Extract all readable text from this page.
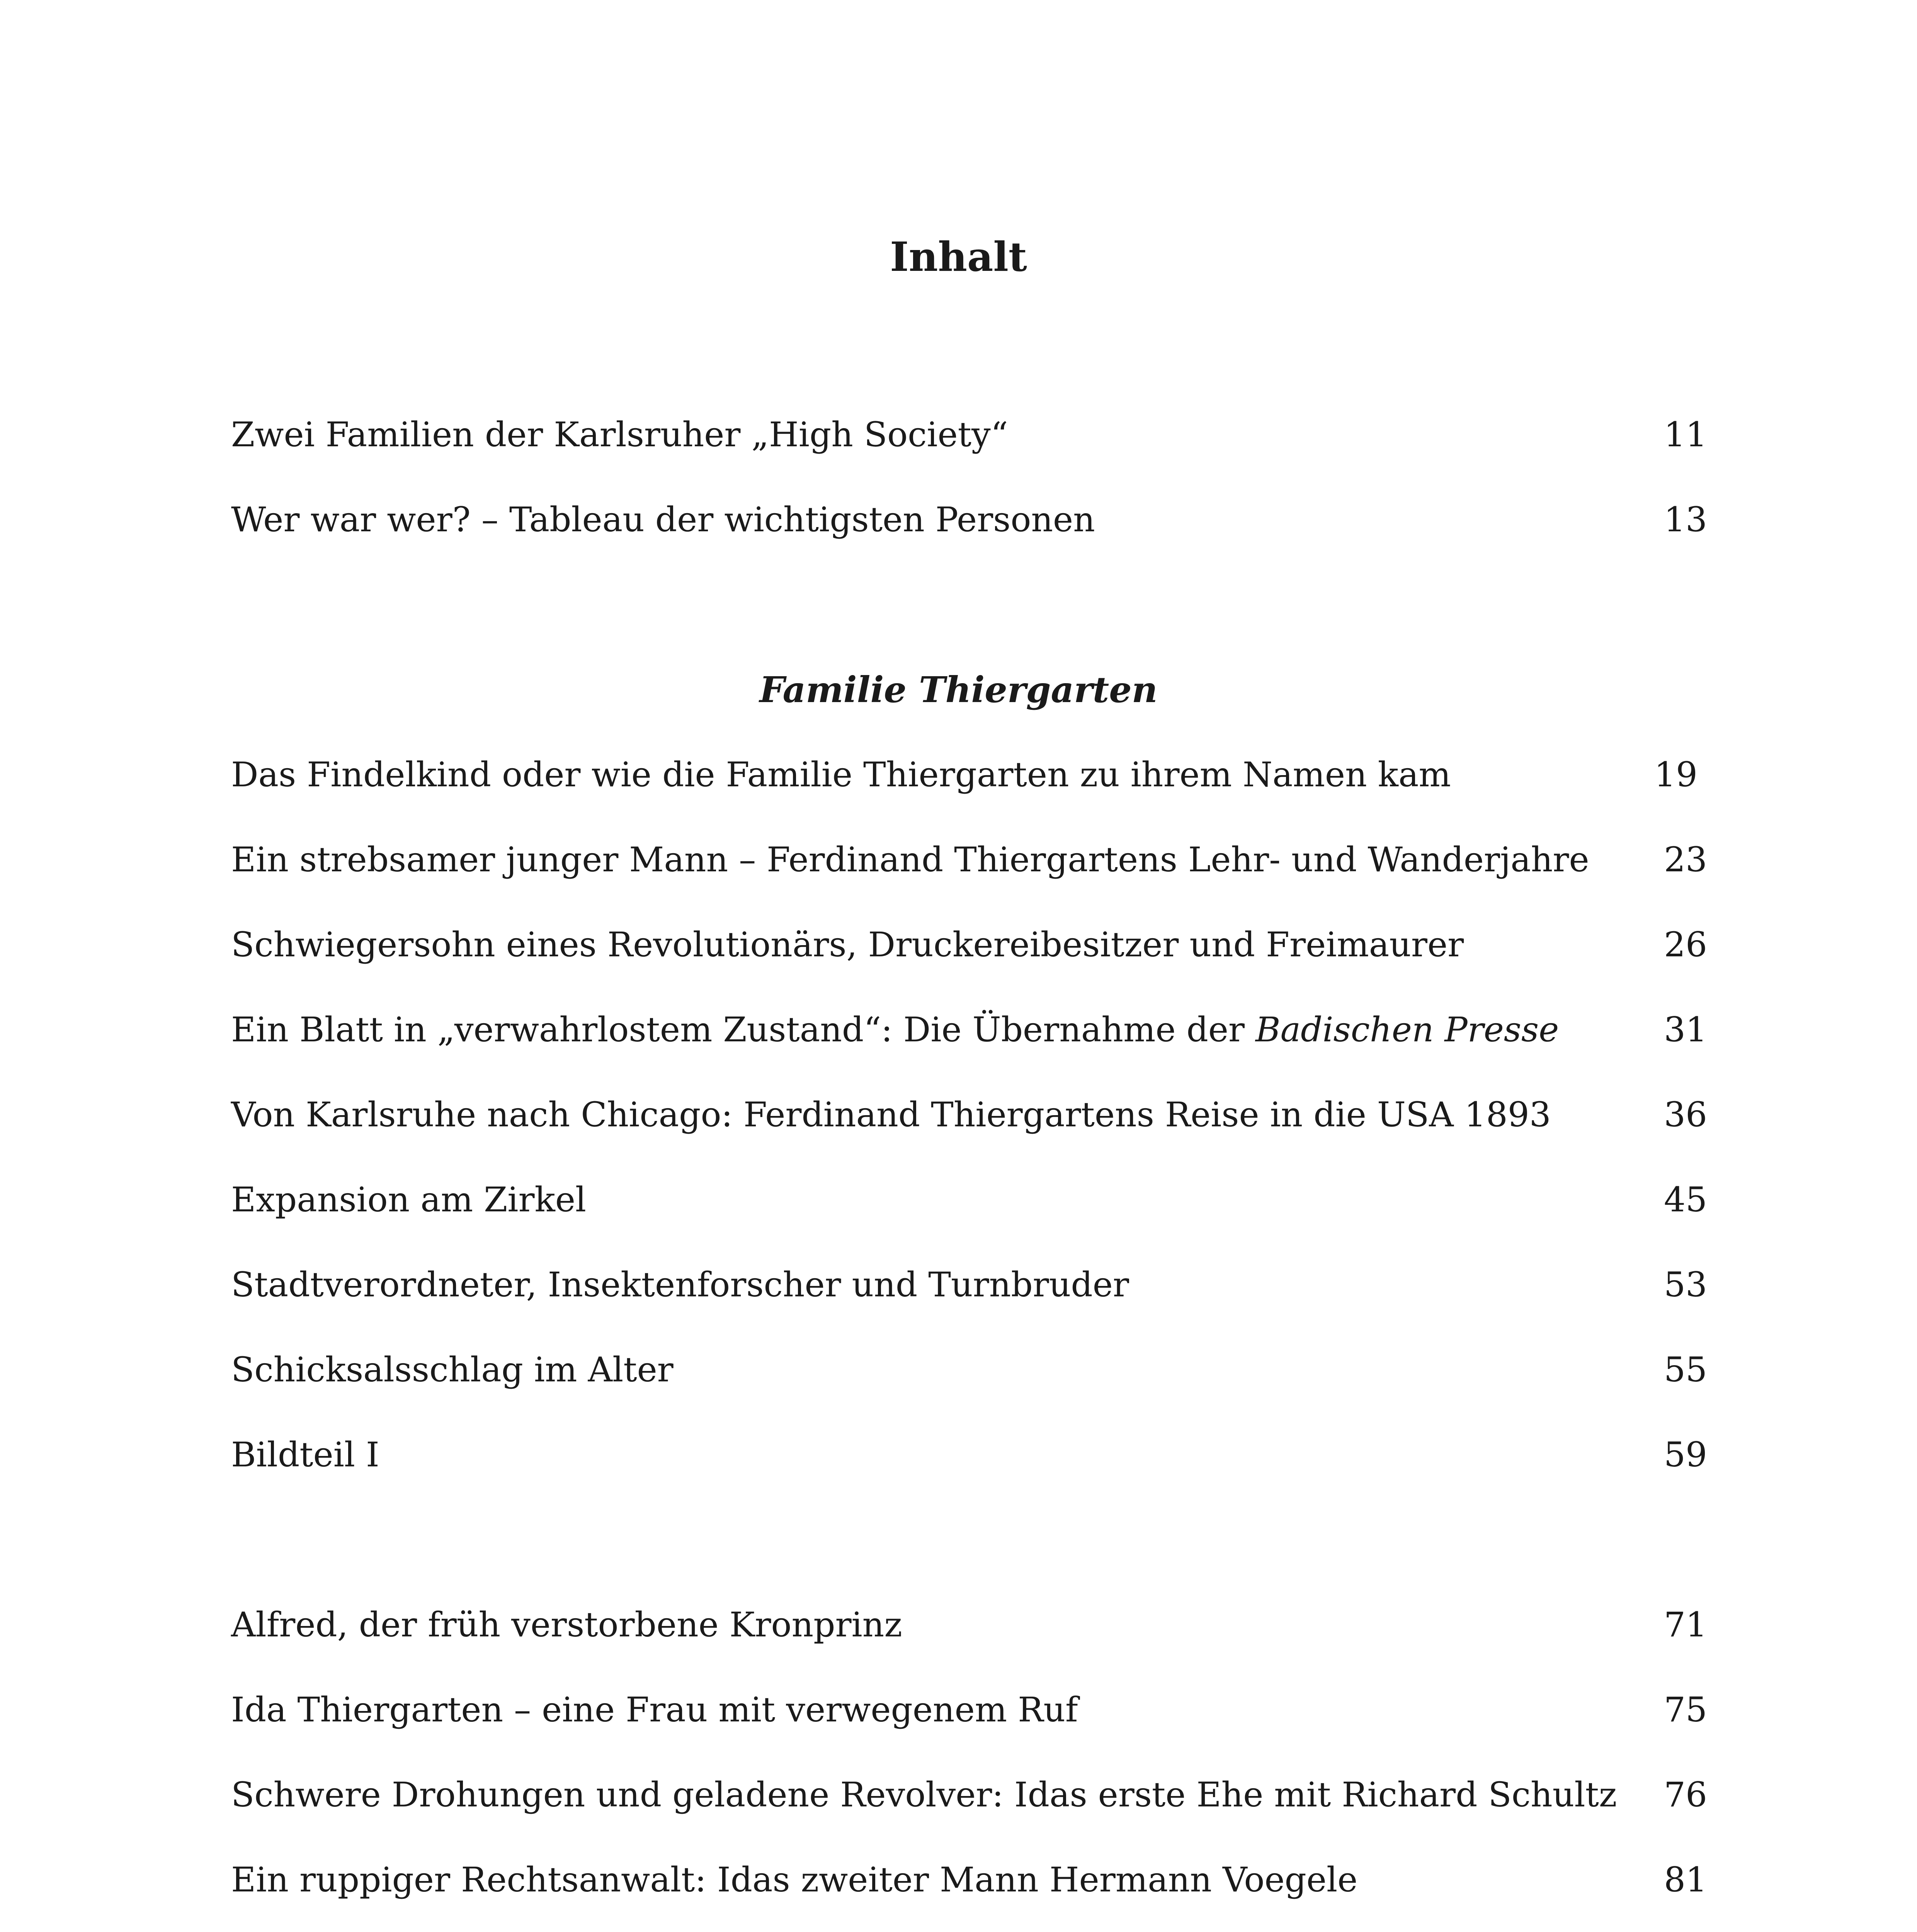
Inhalt
Zwei Familien der Karlsruher „High Society“	11
Wer war wer? – Tableau der wichtigsten Personen	13
Familie Thiergarten
Das Findelkind oder wie die Familie Thiergarten zu ihrem Namen kam	19
Ein strebsamer junger Mann – Ferdinand Thiergartens Lehr- und Wanderjahre 23
Schwiegersohn eines Revolutionärs, Druckereibesitzer und Freimaurer	26
Ein Blatt in „verwahrlostem Zustand“: Die Übernahme der Badischen Presse	31
Von Karlsruhe nach Chicago: Ferdinand Thiergartens Reise in die USA 1893	36
Expansion am Zirkel	45
Stadtverordneter, Insektenforscher und Turnbruder	53
Schicksalsschlag im Alter	55
Bildteil I	59
Alfred, der früh verstorbene Kronprinz	71
Ida Thiergarten – eine Frau mit verwegenem Ruf	75
Schwere Drohungen und geladene Revolver: Idas erste Ehe mit Richard Schultz 76
Ein ruppiger Rechtsanwalt: Idas zweiter Mann Hermann Voegele	81
